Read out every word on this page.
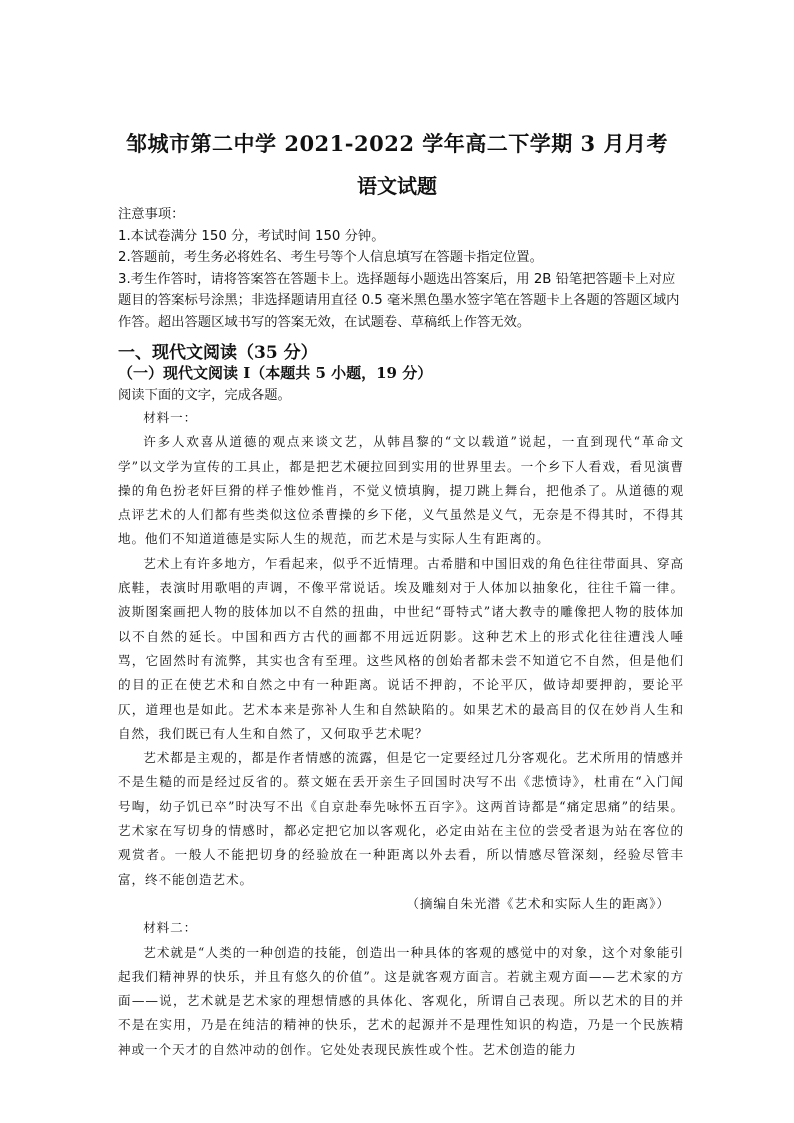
邹城市第二中学 2021-2022 学年高二下学期 3 月月考
语文试题

注意事项：

1.本试卷满分 150 分，考试时间 150 分钟。

2.答题前，考生务必将姓名、考生号等个人信息填写在答题卡指定位置。

3.考生作答时，请将答案答在答题卡上。选择题每小题选出答案后，用 2B 铅笔把答题卡上对应题目的答案标号涂黑；非选择题请用直径 0.5 毫米黑色墨水签字笔在答题卡上各题的答题区域内作答。超出答题区域书写的答案无效，在试题卷、草稿纸上作答无效。

一、现代文阅读（35 分）
（一）现代文阅读 I（本题共 5 小题，19 分）
阅读下面的文字，完成各题。

材料一：

许多人欢喜从道德的观点来谈文艺，从韩昌黎的“文以载道”说起，一直到现代“革命文学”以文学为宣传的工具止，都是把艺术硬拉回到实用的世界里去。一个乡下人看戏，看见演曹操的角色扮老奸巨猾的样子惟妙惟肖，不觉义愤填胸，提刀跳上舞台，把他杀了。从道德的观点评艺术的人们都有些类似这位杀曹操的乡下佬，义气虽然是义气，无奈是不得其时，不得其地。他们不知道道德是实际人生的规范，而艺术是与实际人生有距离的。

艺术上有许多地方，乍看起来，似乎不近情理。古希腊和中国旧戏的角色往往带面具、穿高底鞋，表演时用歌唱的声调，不像平常说话。埃及雕刻对于人体加以抽象化，往往千篇一律。波斯图案画把人物的肢体加以不自然的扭曲，中世纪“哥特式”诸大教寺的雕像把人物的肢体加以不自然的延长。中国和西方古代的画都不用远近阴影。这种艺术上的形式化往往遭浅人唾骂，它固然时有流弊，其实也含有至理。这些风格的创始者都未尝不知道它不自然，但是他们的目的正在使艺术和自然之中有一种距离。说话不押韵，不论平仄，做诗却要押韵，要论平仄，道理也是如此。艺术本来是弥补人生和自然缺陷的。如果艺术的最高目的仅在妙肖人生和自然，我们既已有人生和自然了，又何取乎艺术呢？

艺术都是主观的，都是作者情感的流露，但是它一定要经过几分客观化。艺术所用的情感并不是生糙的而是经过反省的。蔡文姬在丢开亲生子回国时决写不出《悲愤诗》，杜甫在“入门闻号啕，幼子饥已卒”时决写不出《自京赴奉先咏怀五百字》。这两首诗都是“痛定思痛”的结果。艺术家在写切身的情感时，都必定把它加以客观化，必定由站在主位的尝受者退为站在客位的观赏者。一般人不能把切身的经验放在一种距离以外去看，所以情感尽管深刻，经验尽管丰富，终不能创造艺术。

（摘编自朱光潜《艺术和实际人生的距离》）

材料二：

艺术就是“人类的一种创造的技能，创造出一种具体的客观的感觉中的对象，这个对象能引起我们精神界的快乐，并且有悠久的价值”。这是就客观方面言。若就主观方面——艺术家的方面——说，艺术就是艺术家的理想情感的具体化、客观化，所谓自己表现。所以艺术的目的并不是在实用，乃是在纯洁的精神的快乐，艺术的起源并不是理性知识的构造，乃是一个民族精神或一个天才的自然冲动的创作。它处处表现民族性或个性。艺术创造的能力
